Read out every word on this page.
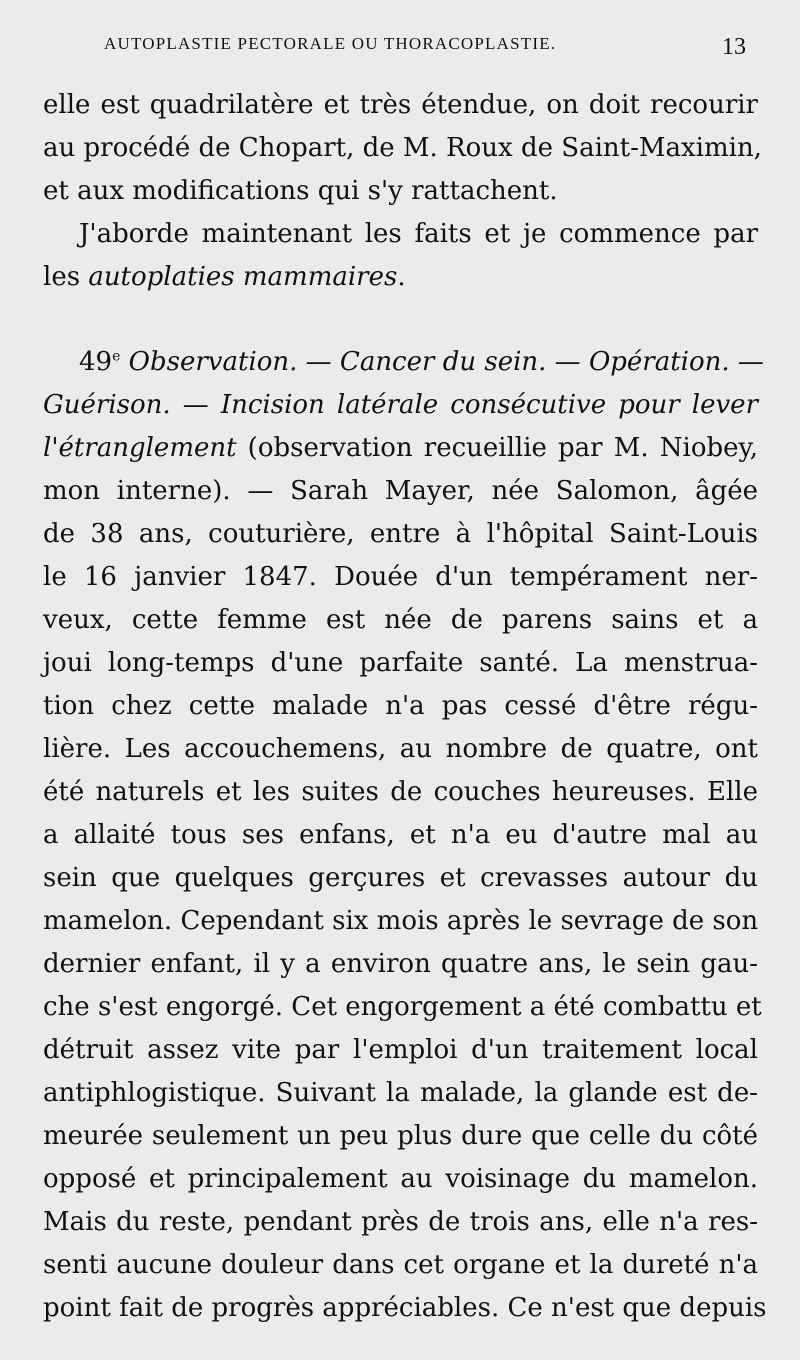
AUTOPLASTIE PECTORALE OU THORACOPLASTIE.	13
elle est quadrilatère et très étendue, on doit recourir
au procédé de Chopart, de M. Roux de Saint-Maximin,
et aux modifications qui s'y rattachent.
J'aborde maintenant les faits et je commence par
les autoplaties mammaires.
49e Observation. — Cancer du sein. — Opération. —
Guérison. — Incision latérale consécutive pour lever
l'étranglement (observation recueillie par M. Niobey,
mon interne). — Sarah Mayer, née Salomon, âgée
de 38 ans, couturière, entre à l'hôpital Saint-Louis
le 16 janvier 1847. Douée d'un tempérament ner-
veux, cette femme est née de parens sains et a
joui long-temps d'une parfaite santé. La menstrua-
tion chez cette malade n'a pas cessé d'être régu-
lière. Les accouchemens, au nombre de quatre, ont
été naturels et les suites de couches heureuses. Elle
a allaité tous ses enfans, et n'a eu d'autre mal au
sein que quelques gerçures et crevasses autour du
mamelon. Cependant six mois après le sevrage de son
dernier enfant, il y a environ quatre ans, le sein gau-
che s'est engorgé. Cet engorgement a été combattu et
détruit assez vite par l'emploi d'un traitement local
antiphlogistique. Suivant la malade, la glande est de-
meurée seulement un peu plus dure que celle du côté
opposé et principalement au voisinage du mamelon.
Mais du reste, pendant près de trois ans, elle n'a res-
senti aucune douleur dans cet organe et la dureté n'a
point fait de progrès appréciables. Ce n'est que depuis
